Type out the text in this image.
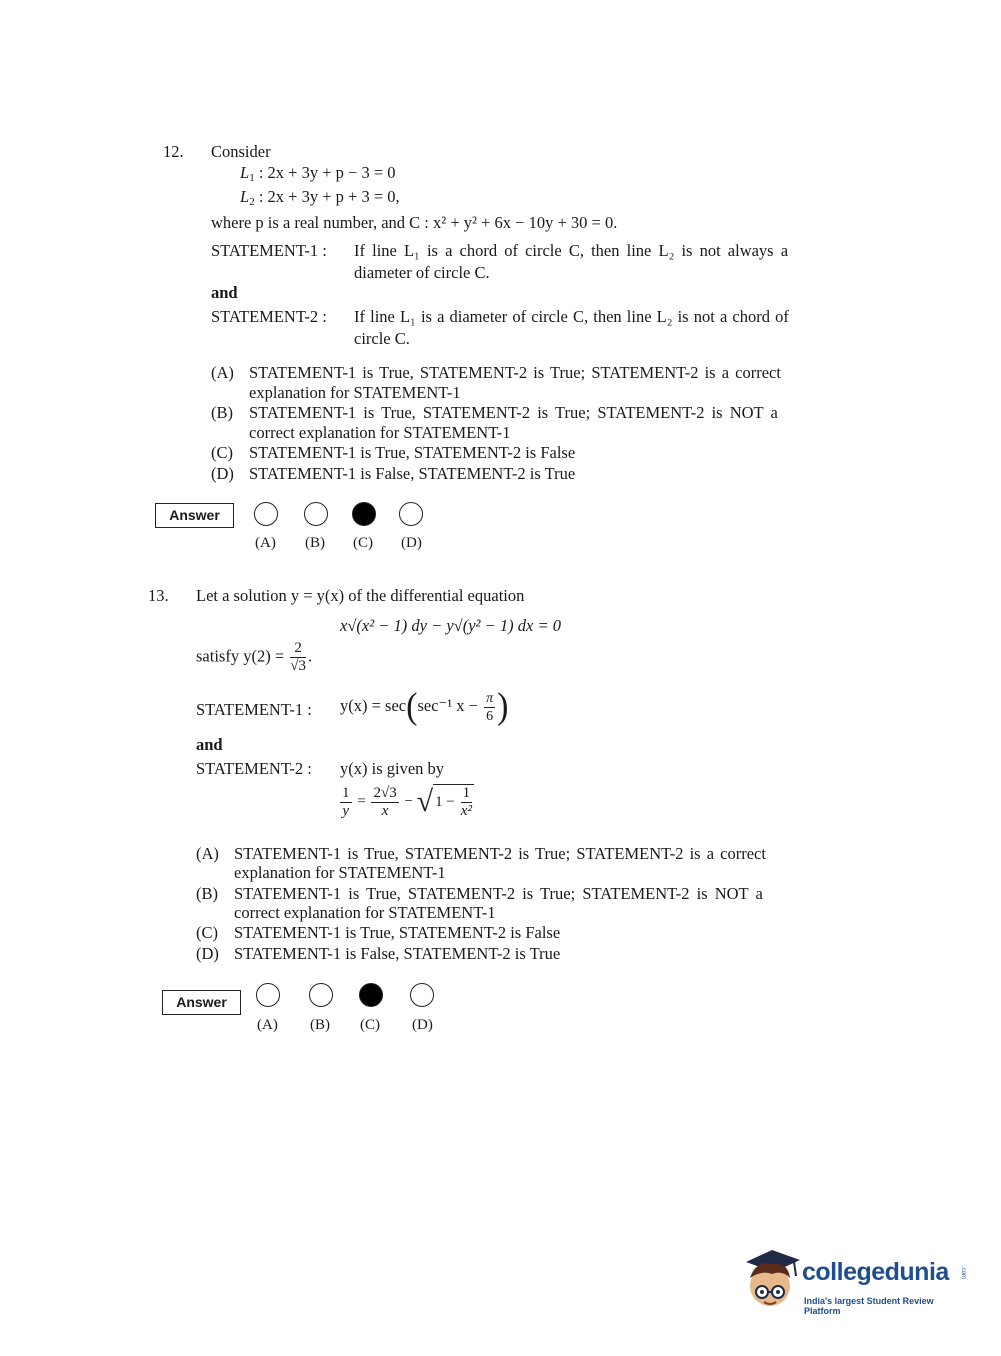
12. Consider
$L_1$ : 2x + 3y + p − 3 = 0
$L_2$ : 2x + 3y + p + 3 = 0,
where p is a real number, and C : x² + y² + 6x − 10y + 30 = 0.
STATEMENT-1 : If line L₁ is a chord of circle C, then line L₂ is not always a
diameter of circle C.
and
STATEMENT-2 : If line L₁ is a diameter of circle C, then line L₂ is not a chord of
circle C.
(A) STATEMENT-1 is True, STATEMENT-2 is True; STATEMENT-2 is a correct
explanation for STATEMENT-1
(B) STATEMENT-1 is True, STATEMENT-2 is True; STATEMENT-2 is NOT a
correct explanation for STATEMENT-1
(C) STATEMENT-1 is True, STATEMENT-2 is False
(D) STATEMENT-1 is False, STATEMENT-2 is True
Answer
(A) (B) (C) (D)
13. Let a solution y = y(x) of the differential equation
x√(x² − 1) dy − y√(y² − 1) dx = 0
satisfy $y(2) = \frac{2}{√3}$ .
STATEMENT-1 : y(x) = sec(sec⁻¹ $x - \frac{\pi}{6}$ )
and
STATEMENT-2 : y(x) is given by
$\frac{1}{y} = \frac{2√3}{x}$ − √ $1 - \frac{1}{\text{x²}}$
(A) STATEMENT-1 is True, STATEMENT-2 is True; STATEMENT-2 is a correct
explanation for STATEMENT-1
(B) STATEMENT-1 is True, STATEMENT-2 is True; STATEMENT-2 is NOT a
correct explanation for STATEMENT-1
(C) STATEMENT-1 is True, STATEMENT-2 is False
(D) STATEMENT-1 is False, STATEMENT-2 is True
Answer
(A) (B) (C) (D)
collegedunia .com
India's largest Student Review Platform
